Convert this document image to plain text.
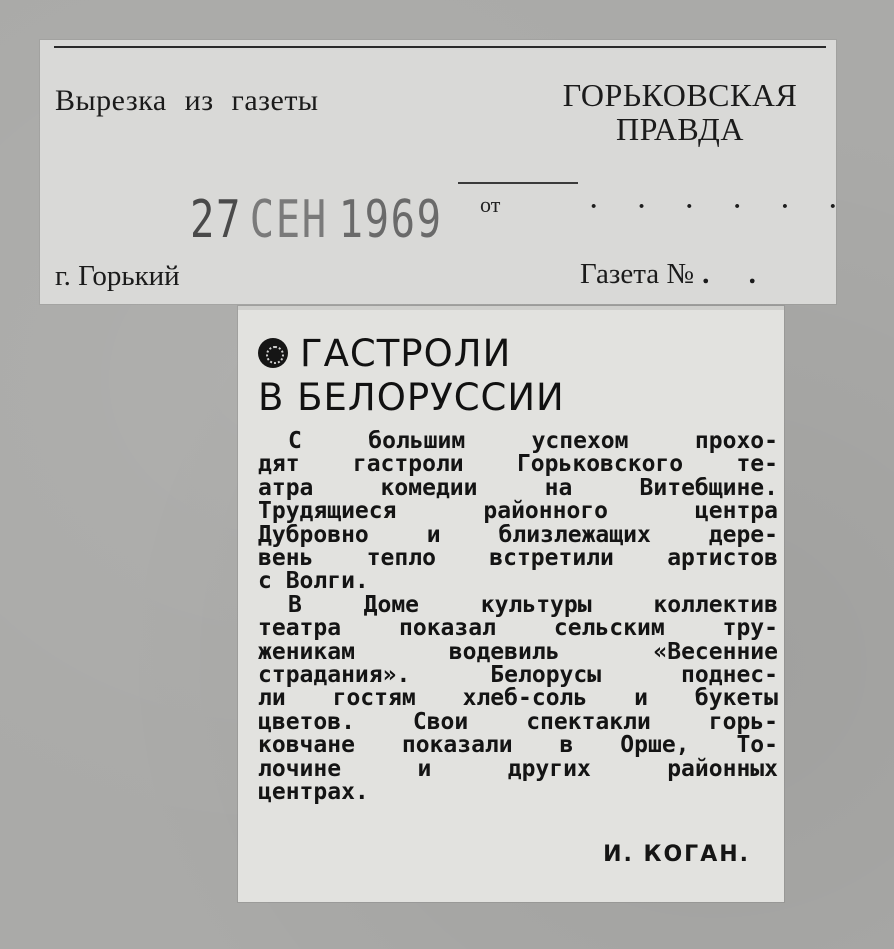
Вырезка из газеты	ГОРЬКОВСКАЯ
ПРАВДА
27 СЕН 1969 от	· · · · · ·
г. Горький	Газета № . .
ГАСТРОЛИ
В БЕЛОРУССИИ
С большим успехом прохо-
дят гастроли Горьковского те-
атра комедии на Витебщине.
Трудящиеся районного центра
Дубровно и близлежащих дере-
вень тепло встретили артистов
с Волги.
В Доме культуры коллектив
театра показал сельским тру-
женикам водевиль «Весенние
страдания». Белорусы поднес-
ли гостям хлеб-соль и букеты
цветов. Свои спектакли горь-
ковчане показали в Орше, То-
лочине и других районных
центрах.
И. КОГАН.
